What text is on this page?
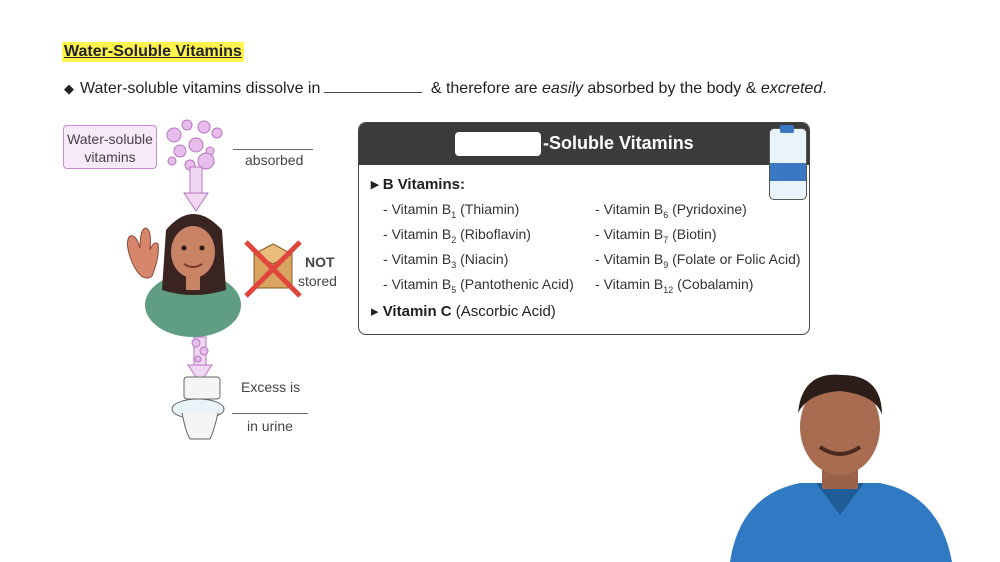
Water-Soluble Vitamins
◆ Water-soluble vitamins dissolve in	& therefore are easily absorbed by the body & excreted.
Water-soluble
vitamins	absorbed
NOT
stored
Excess is
in urine
-Soluble Vitamins
▸ B Vitamins:
- Vitamin $B_1$ (Thiamin)
- Vitamin $B_2$ (Riboflavin)
- Vitamin $B_3$ (Niacin)
- Vitamin $B_5$ (Pantothenic Acid)
- Vitamin $B_6$ (Pyridoxine)
- Vitamin $B_7$ (Biotin)
- Vitamin $B_9$ (Folate or Folic Acid)
- Vitamin $B_{12}$ (Cobalamin)
▸ Vitamin C (Ascorbic Acid)
